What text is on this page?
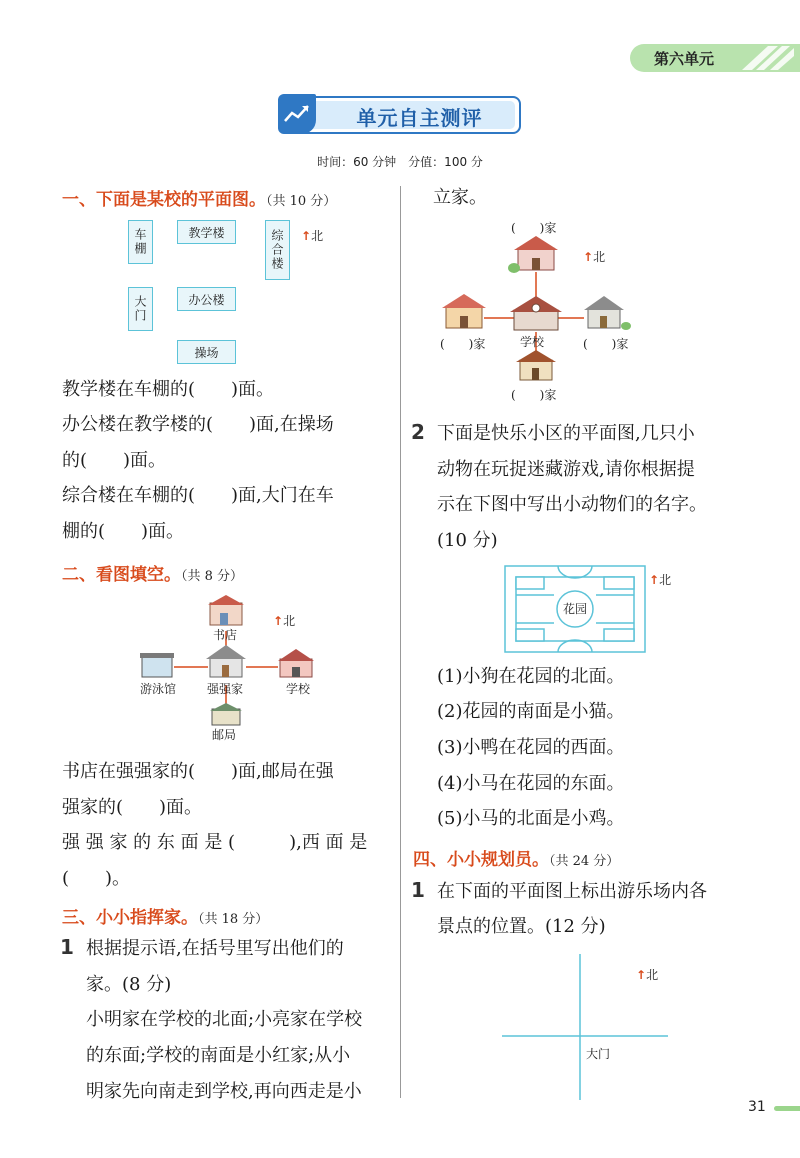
第六单元
单元自主测评
时间：60 分钟　分值：100 分
一、下面是某校的平面图。（共 10 分）
车棚	教学楼	综合楼	↑北
大门	办公楼
操场
教学楼在车棚的(　　)面。
办公楼在教学楼的(　　)面,在操场
的(　　)面。
综合楼在车棚的(　　)面,大门在车
棚的(　　)面。
二、看图填空。（共 8 分）
书店
↑北
游泳馆	强强家	学校
邮局
书店在强强家的(　　)面,邮局在强
强家的(　　)面。
强 强 家 的 东 面 是 (　　　),西 面 是
(　　)。
三、小小指挥家。（共 18 分）
1 根据提示语,在括号里写出他们的
家。(8 分)
小明家在学校的北面;小亮家在学校
的东面;学校的南面是小红家;从小
明家先向南走到学校,再向西走是小
立家。
(　　)家
↑北
(　　)家	学校	(　　)家
(　　)家
2 下面是快乐小区的平面图,几只小
动物在玩捉迷藏游戏,请你根据提
示在下图中写出小动物们的名字。
(10 分)
花园
↑北
(1)小狗在花园的北面。
(2)花园的南面是小猫。
(3)小鸭在花园的西面。
(4)小马在花园的东面。
(5)小马的北面是小鸡。
四、小小规划员。（共 24 分）
1 在下面的平面图上标出游乐场内各
景点的位置。(12 分)
↑北
大门
31
